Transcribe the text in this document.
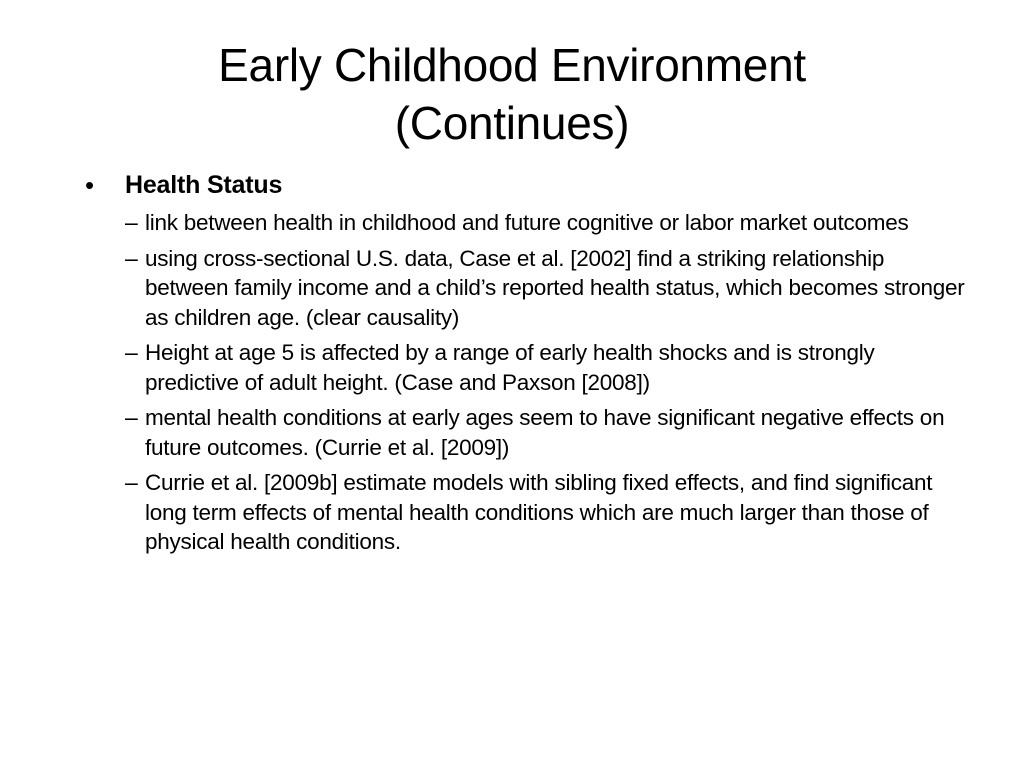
Early Childhood Environment
(Continues)
•	Health Status
– link between health in childhood and future cognitive or labor market outcomes
– using cross-sectional U.S. data, Case et al. [2002] find a striking relationship between family income and a child’s reported health status, which becomes stronger as children age. (clear causality)
– Height at age 5 is affected by a range of early health shocks and is strongly predictive of adult height. (Case and Paxson [2008])
– mental health conditions at early ages seem to have significant negative effects on future outcomes. (Currie et al. [2009])
– Currie et al. [2009b] estimate models with sibling fixed effects, and find significant long term effects of mental health conditions which are much larger than those of physical health conditions.
